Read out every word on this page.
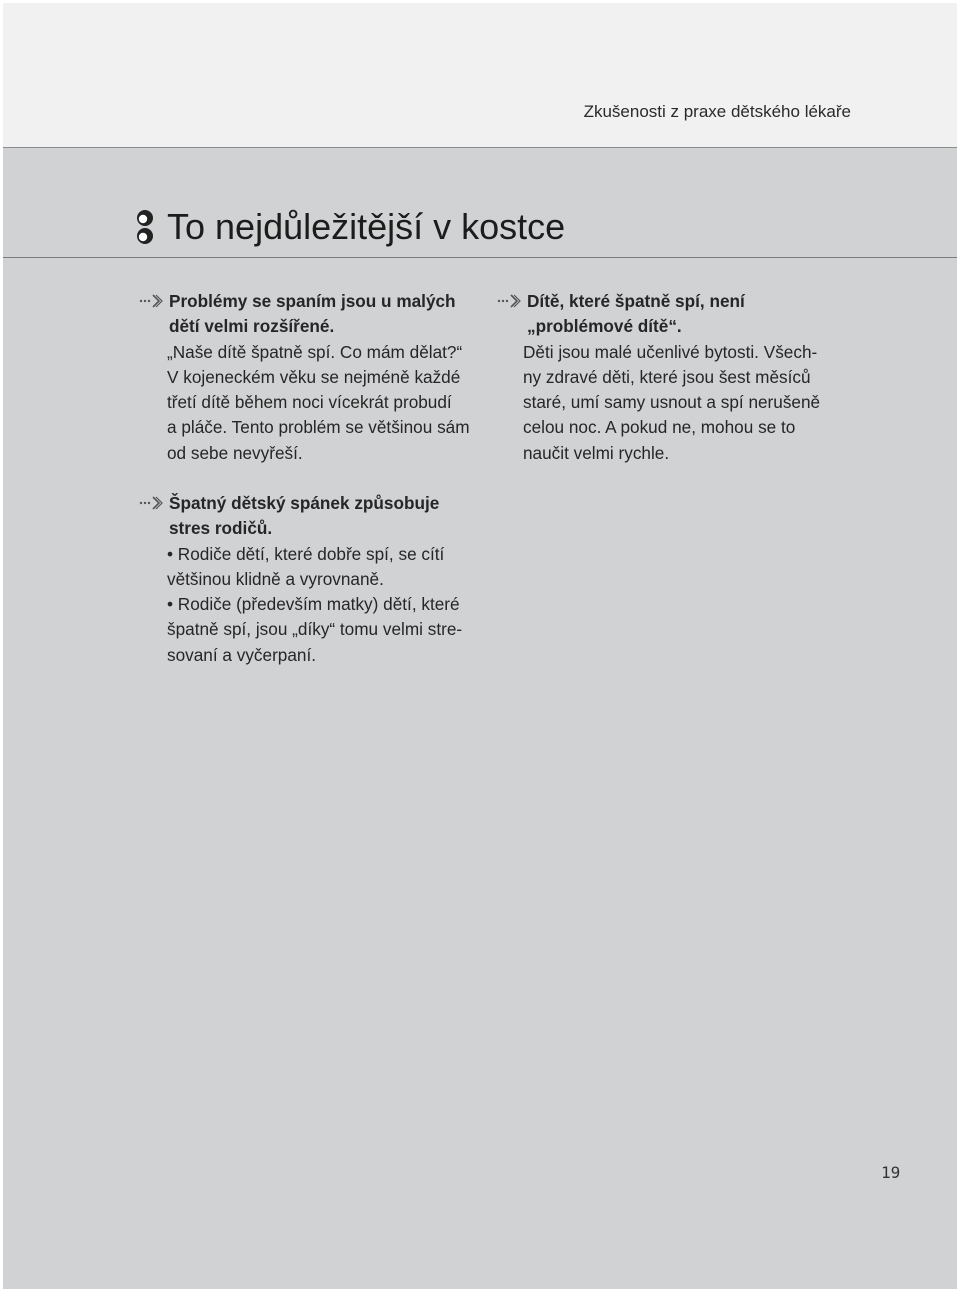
Zkušenosti z praxe dětského lékaře
To nejdůležitější v kostce
Problémy se spaním jsou u malých
dětí velmi rozšířené.
„Naše dítě špatně spí. Co mám dělat?“
V kojeneckém věku se nejméně každé
třetí dítě během noci vícekrát probudí
a pláče. Tento problém se většinou sám
od sebe nevyřeší.
Dítě, které špatně spí, není
„problémové dítě“.
Děti jsou malé učenlivé bytosti. Všech-
ny zdravé děti, které jsou šest měsíců
staré, umí samy usnout a spí nerušeně
celou noc. A pokud ne, mohou se to
naučit velmi rychle.
Špatný dětský spánek způsobuje
stres rodičů.
• Rodiče dětí, které dobře spí, se cítí
většinou klidně a vyrovnaně.
• Rodiče (především matky) dětí, které
špatně spí, jsou „díky“ tomu velmi stre-
sovaní a vyčerpaní.
19
